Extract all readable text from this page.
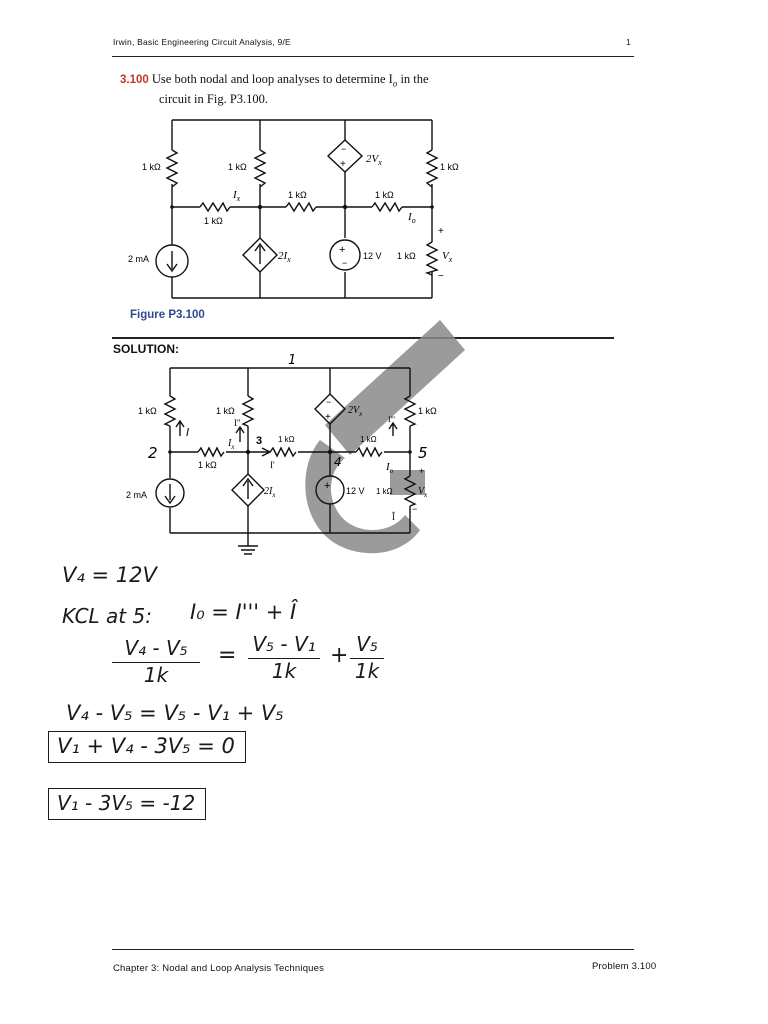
Irwin, Basic Engineering Circuit Analysis, 9/E	1
3.100 Use both nodal and loop analyses to determine $I_o$ in the
circuit in Fig. P3.100.
−
+
+
−
1 kΩ	1 kΩ	1 kΩ
$2V_x$
$I_x$
1 kΩ
1 kΩ	1 kΩ
$I_o$
+
2 mA	$2I_x$	12 V 1 kΩ $V_x$
−
Figure P3.100
SOLUTION:
−
+
+
1
2
3
4	5
1 kΩ	1 kΩ	1 kΩ
$2V_x$
I
I''
$I_x$
1 kΩ
1 kΩ
I'
1 kΩ
I'''
$I_o$	+
2 mA	$2I_x$	12 V 1 kΩ	$V_x$
Î
−
V₄ = 12V
KCL at 5: I₀ = I''' + Î
$\frac{\text{V₄ - V₅}}{1k} = \frac{\text{V₅ - V₁}}{1k} + \frac{\text{V₅}}{1k}$
V₄ - V₅ = V₅ - V₁ + V₅
V₁ + V₄ - 3V₅ = 0
V₁ - 3V₅ = -12
Chapter 3: Nodal and Loop Analysis Techniques	Problem 3.100
